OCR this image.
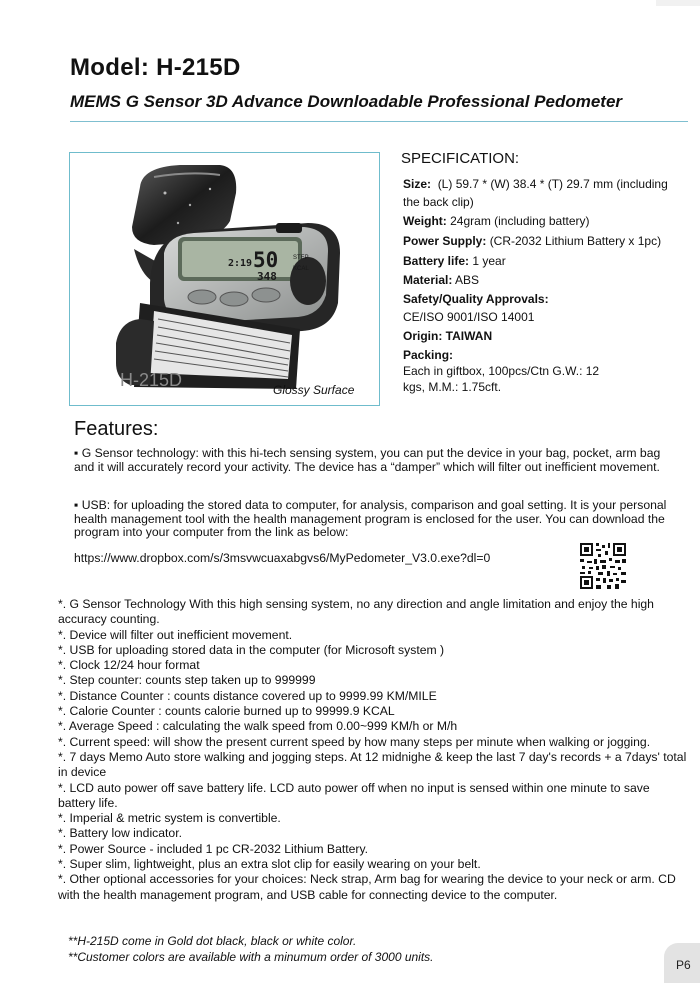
Model: H-215D
MEMS G Sensor 3D Advance Downloadable Professional Pedometer
50
2:19
348
STEP
KCAL
H-215D	Glossy Surface
SPECIFICATION:
Size: (L) 59.7 * (W) 38.4 * (T) 29.7 mm (including the back clip)
Weight: 24gram (including battery)
Power Supply: (CR-2032 Lithium Battery x 1pc)
Battery life: 1 year
Material: ABS
Safety/Quality Approvals:
CE/ISO 9001/ISO 14001
Origin: TAIWAN
Packing:
Each in giftbox, 100pcs/Ctn G.W.: 12 kgs, M.M.: 1.75cft.
Features:
▪ G Sensor technology: with this hi-tech sensing system, you can put the device in your bag, pocket, arm bag and it will accurately record your activity. The device has a “damper” which will filter out inefficient movement.
▪ USB: for uploading the stored data to computer, for analysis, comparison and goal setting. It is your personal health management tool with the health management program is enclosed for the user. You can download the program into your computer from the link as below:
https://www.dropbox.com/s/3msvwcuaxabgvs6/MyPedometer_V3.0.exe?dl=0
*. G Sensor Technology With this high sensing system, no any direction and angle limitation and enjoy the high accuracy counting.
*. Device will filter out inefficient movement.
*. USB for uploading stored data in the computer (for Microsoft system )
*. Clock 12/24 hour format
*. Step counter: counts step taken up to 999999
*. Distance Counter : counts distance covered up to 9999.99 KM/MILE
*. Calorie Counter : counts calorie burned up to 99999.9 KCAL
*. Average Speed : calculating the walk speed from 0.00~999 KM/h or M/h
*. Current speed: will show the present current speed by how many steps per minute when walking or jogging.
*. 7 days Memo Auto store walking and jogging steps. At 12 midnighe & keep the last 7 day's records + a 7days' total in device
*. LCD auto power off save battery life. LCD auto power off when no input is sensed within one minute to save battery life.
*. Imperial & metric system is convertible.
*. Battery low indicator.
*. Power Source - included 1 pc CR-2032 Lithium Battery.
*. Super slim, lightweight, plus an extra slot clip for easily wearing on your belt.
*. Other optional accessories for your choices: Neck strap, Arm bag for wearing the device to your neck or arm. CD with the health management program, and USB cable for connecting device to the computer.
**H-215D come in Gold dot black, black or white color.
**Customer colors are available with a minumum order of 3000 units.
P6
